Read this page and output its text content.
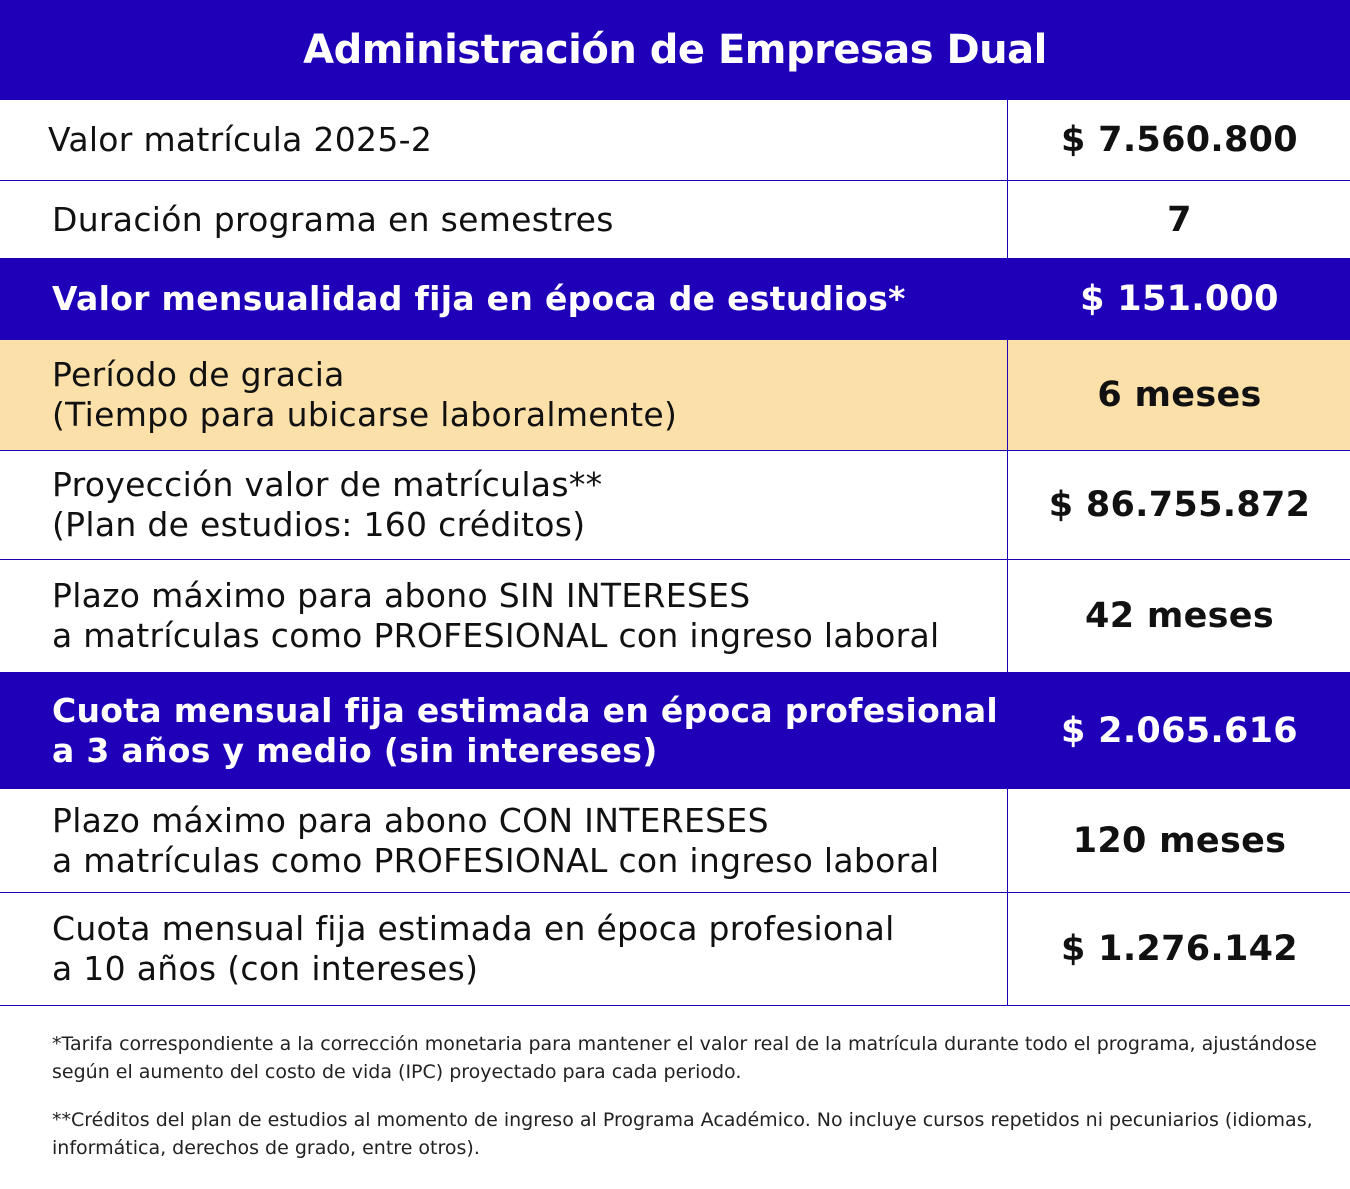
Administración de Empresas Dual
Valor matrícula 2025-2	$ 7.560.800
Duración programa en semestres	7
Valor mensualidad fija en época de estudios*	$ 151.000
Período de gracia
(Tiempo para ubicarse laboralmente)	6 meses
Proyección valor de matrículas**
(Plan de estudios: 160 créditos)	$ 86.755.872
Plazo máximo para abono SIN INTERESES
a matrículas como PROFESIONAL con ingreso laboral	42 meses
Cuota mensual fija estimada en época profesional
a 3 años y medio (sin intereses)	$ 2.065.616
Plazo máximo para abono CON INTERESES
a matrículas como PROFESIONAL con ingreso laboral	120 meses
Cuota mensual fija estimada en época profesional
a 10 años (con intereses)	$ 1.276.142

*Tarifa correspondiente a la corrección monetaria para mantener el valor real de la matrícula durante todo el programa, ajustándose según el aumento del costo de vida (IPC) proyectado para cada periodo.

**Créditos del plan de estudios al momento de ingreso al Programa Académico. No incluye cursos repetidos ni pecuniarios (idiomas, informática, derechos de grado, entre otros).
